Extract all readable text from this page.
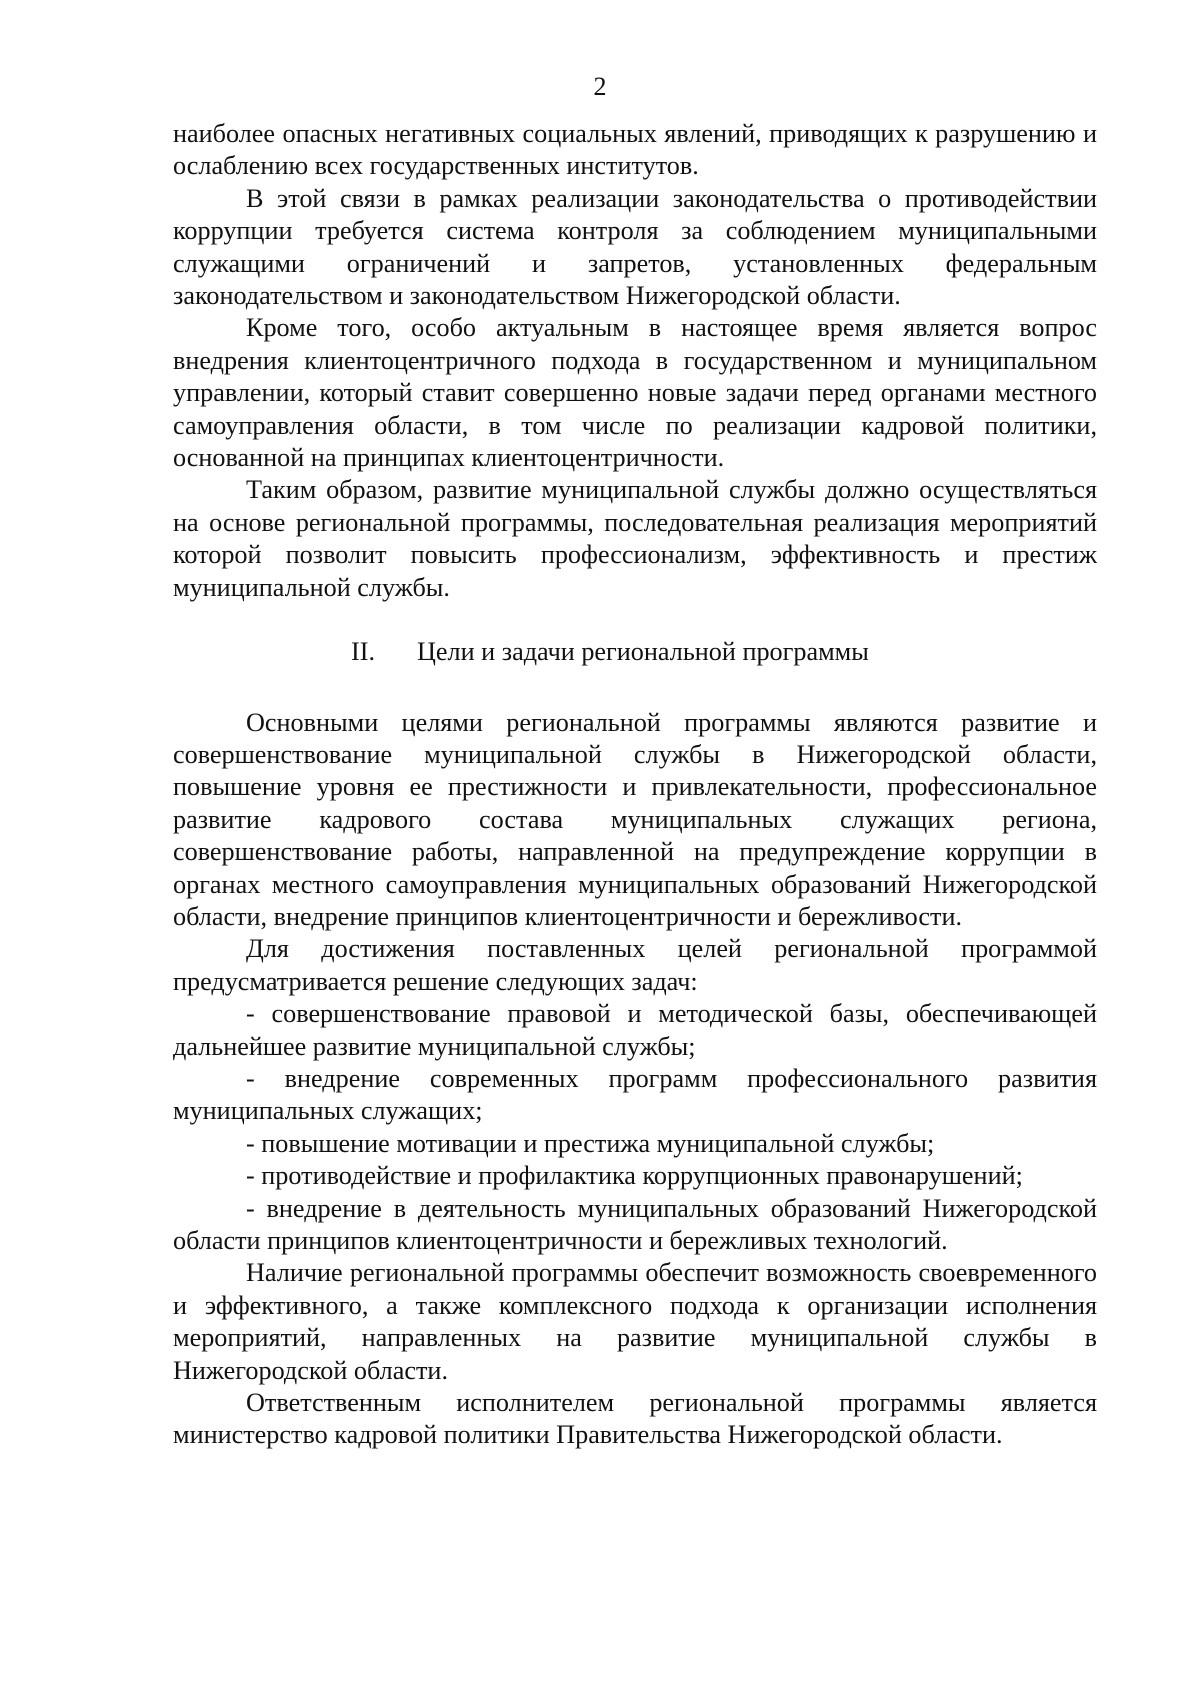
2

наиболее опасных негативных социальных явлений, приводящих к разрушению и ослаблению всех государственных институтов.

В этой связи в рамках реализации законодательства о противодействии коррупции требуется система контроля за соблюдением муниципальными служащими ограничений и запретов, установленных федеральным законодательством и законодательством Нижегородской области.

Кроме того, особо актуальным в настоящее время является вопрос внедрения клиентоцентричного подхода в государственном и муниципальном управлении, который ставит совершенно новые задачи перед органами местного самоуправления области, в том числе по реализации кадровой политики, основанной на принципах клиентоцентричности.

Таким образом, развитие муниципальной службы должно осуществляться на основе региональной программы, последовательная реализация мероприятий которой позволит повысить профессионализм, эффективность и престиж муниципальной службы.

II. Цели и задачи региональной программы

Основными целями региональной программы являются развитие и совершенствование муниципальной службы в Нижегородской области, повышение уровня ее престижности и привлекательности, профессиональное развитие кадрового состава муниципальных служащих региона, совершенствование работы, направленной на предупреждение коррупции в органах местного самоуправления муниципальных образований Нижегородской области, внедрение принципов клиентоцентричности и бережливости.

Для достижения поставленных целей региональной программой предусматривается решение следующих задач:

- совершенствование правовой и методической базы, обеспечивающей дальнейшее развитие муниципальной службы;

- внедрение современных программ профессионального развития муниципальных служащих;

- повышение мотивации и престижа муниципальной службы;

- противодействие и профилактика коррупционных правонарушений;

- внедрение в деятельность муниципальных образований Нижегородской области принципов клиентоцентричности и бережливых технологий.

Наличие региональной программы обеспечит возможность своевременного и эффективного, а также комплексного подхода к организации исполнения мероприятий, направленных на развитие муниципальной службы в Нижегородской области.

Ответственным исполнителем региональной программы является министерство кадровой политики Правительства Нижегородской области.
